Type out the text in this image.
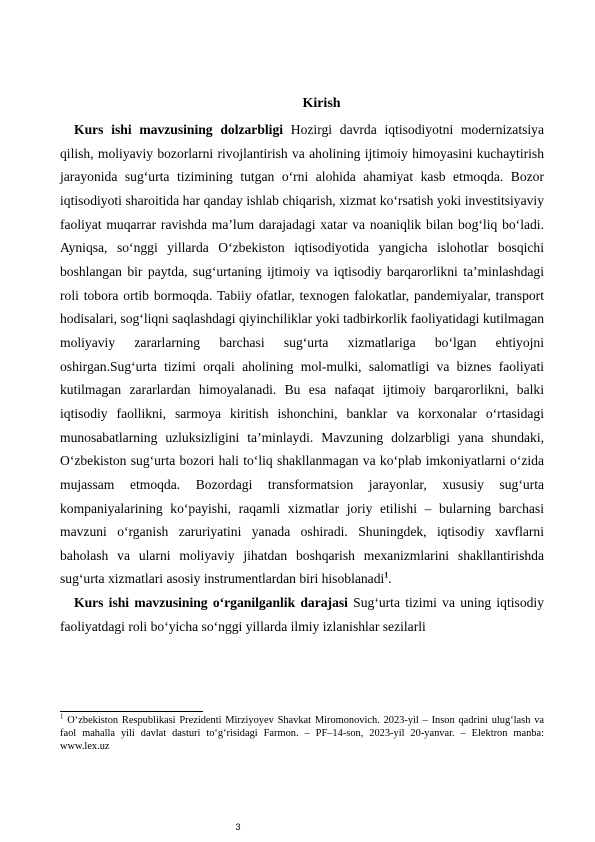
Kirish

Kurs ishi mavzusining dolzarbligi Hozirgi davrda iqtisodiyotni modernizatsiya qilish, moliyaviy bozorlarni rivojlantirish va aholining ijtimoiy himoyasini kuchaytirish jarayonida sug‘urta tizimining tutgan o‘rni alohida ahamiyat kasb etmoqda. Bozor iqtisodiyoti sharoitida har qanday ishlab chiqarish, xizmat ko‘rsatish yoki investitsiyaviy faoliyat muqarrar ravishda ma’lum darajadagi xatar va noaniqlik bilan bog‘liq bo‘ladi. Ayniqsa, so‘nggi yillarda O‘zbekiston iqtisodiyotida yangicha islohotlar bosqichi boshlangan bir paytda, sug‘urtaning ijtimoiy va iqtisodiy barqarorlikni ta’minlashdagi roli tobora ortib bormoqda. Tabiiy ofatlar, texnogen falokatlar, pandemiyalar, transport hodisalari, sog‘liqni saqlashdagi qiyinchiliklar yoki tadbirkorlik faoliyatidagi kutilmagan moliyaviy zararlarning barchasi sug‘urta xizmatlariga bo‘lgan ehtiyojni oshirgan.Sug‘urta tizimi orqali aholining mol-mulki, salomatligi va biznes faoliyati kutilmagan zararlardan himoyalanadi. Bu esa nafaqat ijtimoiy barqarorlikni, balki iqtisodiy faollikni, sarmoya kiritish ishonchini, banklar va korxonalar o‘rtasidagi munosabatlarning uzluksizligini ta’minlaydi. Mavzuning dolzarbligi yana shundaki, O‘zbekiston sug‘urta bozori hali to‘liq shakllanmagan va ko‘plab imkoniyatlarni o‘zida mujassam etmoqda. Bozordagi transformatsion jarayonlar, xususiy sug‘urta kompaniyalarining ko‘payishi, raqamli xizmatlar joriy etilishi – bularning barchasi mavzuni o‘rganish zaruriyatini yanada oshiradi. Shuningdek, iqtisodiy xavflarni baholash va ularni moliyaviy jihatdan boshqarish mexanizmlarini shakllantirishda sug‘urta xizmatlari asosiy instrumentlardan biri hisoblanadi$^1$.

Kurs ishi mavzusining o‘rganilganlik darajasi Sug‘urta tizimi va uning iqtisodiy faoliyatdagi roli bo‘yicha so‘nggi yillarda ilmiy izlanishlar sezilarli

$^1$ O‘zbekiston Respublikasi Prezidenti Mirziyoyev Shavkat Miromonovich. 2023-yil – Inson qadrini ulug‘lash va faol mahalla yili davlat dasturi to‘g‘risidagi Farmon. – PF–14-son, 2023-yil 20-yanvar. – Elektron manba: www.lex.uz
3
